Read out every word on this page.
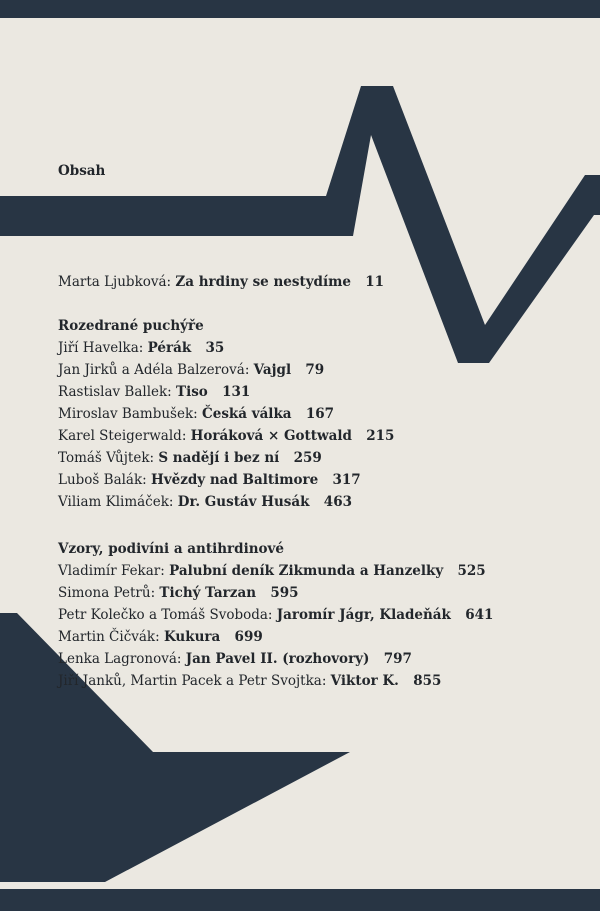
Obsah
Marta Ljubková: Za hrdiny se nestydíme 11
Rozedrané puchýře
Jiří Havelka: Pérák 35
Jan Jirků a Adéla Balzerová: Vajgl 79
Rastislav Ballek: Tiso 131
Miroslav Bambušek: Česká válka 167
Karel Steigerwald: Horáková × Gottwald 215
Tomáš Vůjtek: S nadějí i bez ní 259
Luboš Balák: Hvězdy nad Baltimore 317
Viliam Klimáček: Dr. Gustáv Husák 463
Vzory, podivíni a antihrdinové
Vladimír Fekar: Palubní deník Zikmunda a Hanzelky 525
Simona Petrů: Tichý Tarzan 595
Petr Kolečko a Tomáš Svoboda: Jaromír Jágr, Kladeňák 641
Martin Čičvák: Kukura 699
Lenka Lagronová: Jan Pavel II. (rozhovory) 797
Jiří Janků, Martin Pacek a Petr Svojtka: Viktor K. 855
